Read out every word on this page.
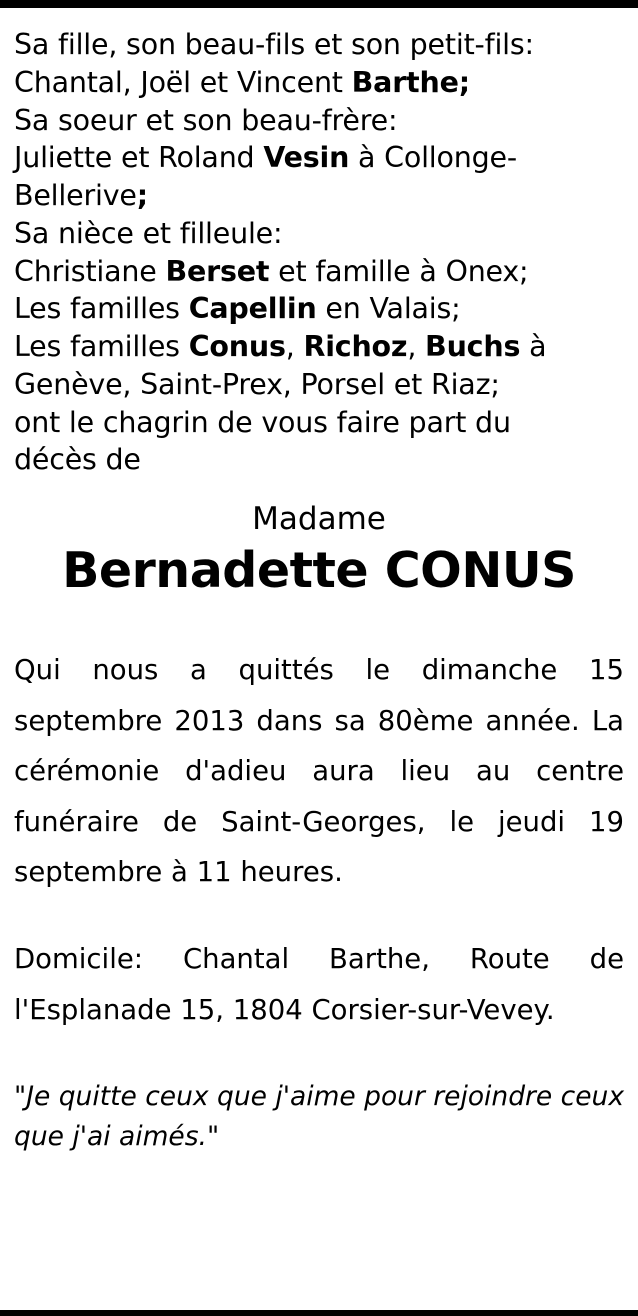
Sa fille, son beau-fils et son petit-fils:
Chantal, Joël et Vincent Barthe;
Sa soeur et son beau-frère:
Juliette et Roland Vesin à Collonge-
Bellerive;
Sa nièce et filleule:
Christiane Berset et famille à Onex;
Les familles Capellin en Valais;
Les familles Conus, Richoz, Buchs à
Genève, Saint-Prex, Porsel et Riaz;
ont le chagrin de vous faire part du
décès de
Madame
Bernadette CONUS

Qui nous a quittés le dimanche 15 septembre 2013 dans sa 80ème année. La cérémonie d'adieu aura lieu au centre funéraire de Saint-Georges, le jeudi 19 septembre à 11 heures.

Domicile: Chantal Barthe, Route de l'Esplanade 15, 1804 Corsier-sur-Vevey.

"Je quitte ceux que j'aime pour rejoindre ceux que j'ai aimés."
